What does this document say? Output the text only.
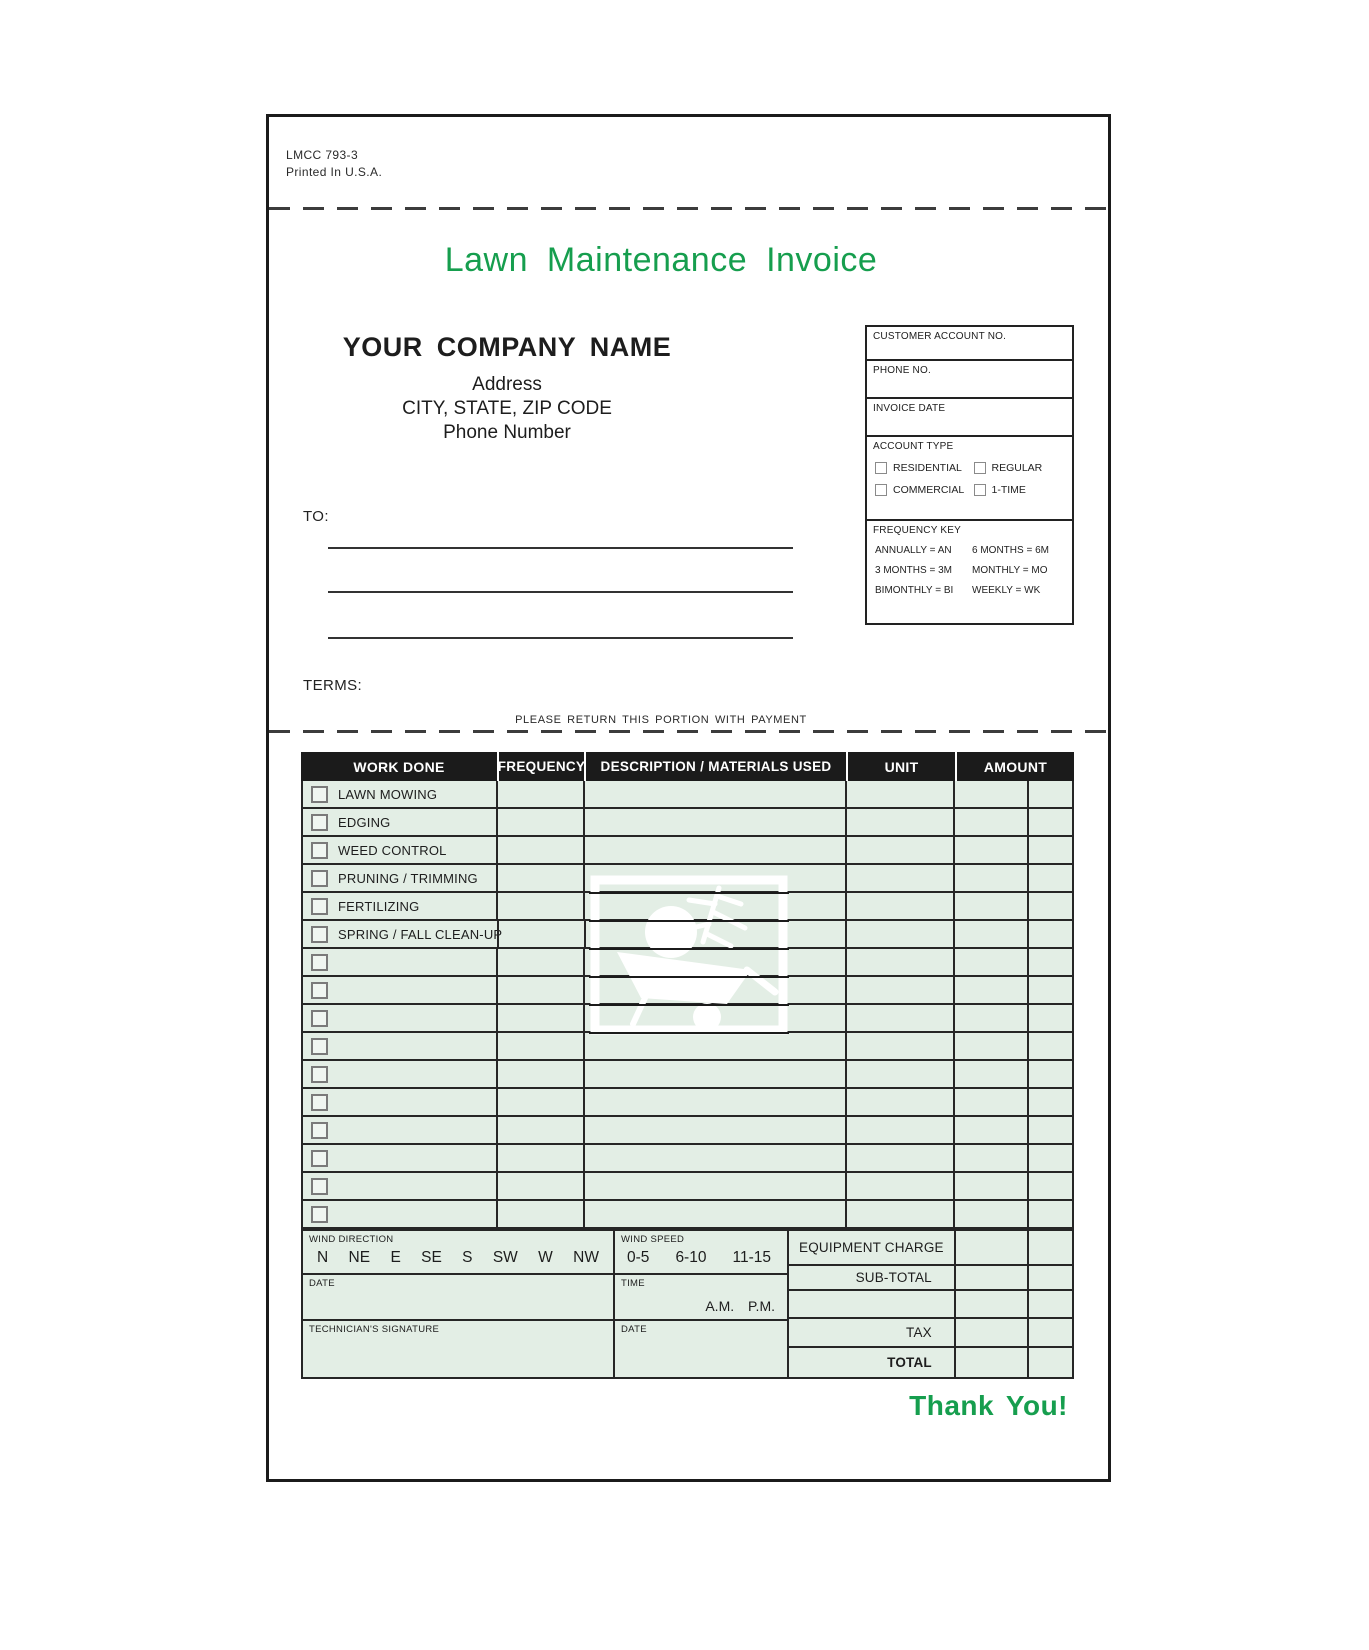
LMCC 793-3
Printed In U.S.A.
Lawn Maintenance Invoice
YOUR COMPANY NAME
Address
CITY, STATE, ZIP CODE
Phone Number
TO:
TERMS:
CUSTOMER ACCOUNT NO.
PHONE NO.
INVOICE DATE
ACCOUNT TYPE
RESIDENTIAL	REGULAR
COMMERCIAL	1-TIME
FREQUENCY KEY
ANNUALLY = AN	6 MONTHS = 6M
3 MONTHS = 3M	MONTHLY = MO
BIMONTHLY = BI	WEEKLY = WK
PLEASE RETURN THIS PORTION WITH PAYMENT
WORK DONE	FREQUENCY	DESCRIPTION / MATERIALS USED	UNIT	AMOUNT
LAWN MOWING
EDGING
WEED CONTROL
PRUNING / TRIMMING
FERTILIZING
SPRING / FALL CLEAN-UP
WIND DIRECTION
N NE E SE S SW W NW
WIND SPEED
0-5 6-10 11-15
DATE	TIME
A.M. P.M.
TECHNICIAN'S SIGNATURE	DATE
EQUIPMENT CHARGE
SUB-TOTAL
TAX
TOTAL
Thank You!
